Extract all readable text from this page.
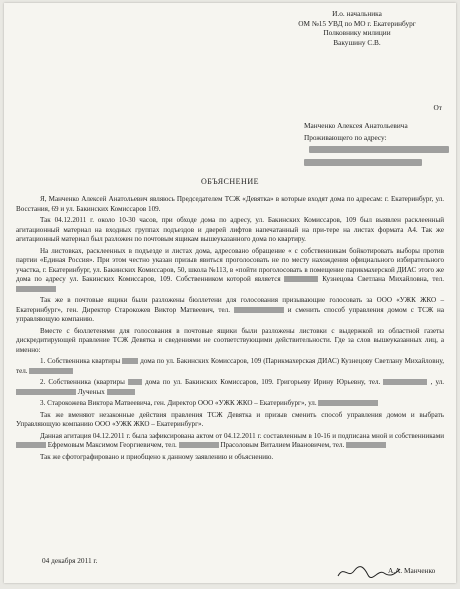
И.о. начальника
ОМ №15 УВД по МО г. Екатеринбург
Полковнику милиции
Вакушину С.В.
От
Манченко Алексея Анатольевича
Проживающего по адресу:
ОБЪЯСНЕНИЕ

Я, Манченко Алексей Анатольевич являюсь Председателем ТСЖ «Девятка» в которые входят дома по адресам: г. Екатеринбург, ул. Восстания, 69 и ул. Бакинских Комиссаров 109.

Так 04.12.2011 г. около 10-30 часов, при обходе дома по адресу, ул. Бакинских Комиссаров, 109 был выявлен расклеенный агитационный материал на входных группах подъездов и дверей лифтов напечатанный на при-тере на листах формата А4. Так же агитационный материал был разложен по почтовым ящикам вышеуказанного дома по квартиру.

На листовках, расклеенных в подъезде и листах дома, адресовано обращение « с собственникам бойкотировать выборы против партии «Единая Россия». При этом честно указан призыв явиться проголосовать не по месту нахождения официального избирательного участка, г. Екатеринбург, ул. Бакинских Комиссаров, 50, школа №113, в «пойти проголосовать в помещение парикмахерской ДИАС этого же дома по адресу ул. Бакинских Комиссаров, 109. Собственником которой является	Кузнецова Светлана Михайловна, тел.

Так же в почтовые ящики были разложены бюллетени для голосования призывающие голосовать за ООО «УЖК ЖКО – Екатеринбург», ген. Директор Старокожев Виктор Матвеевич, тел.	и сменить способ управления домом с ТСЖ на управляющую компанию.

Вместе с бюллетенями для голосования в почтовые ящики были разложены листовки с выдержкой из областной газеты дискредитирующей правление ТСЖ Девятка и сведениями не соответствующими действительности. Где за слов вышеуказанных лиц, а именно:

1. Собственника квартиры	дома по ул. Бакинских Комиссаров, 109 (Парикмахерская ДИАС) Кузнецову Светлану Михайловну, тел.

2. Собственника (квартиры	дома по ул. Бакинских Комиссаров, 109. Григорьеву Ирину Юрьевну, тел.	, ул.  Лученых

3. Старокожева Виктора Матвеевича, ген. Директор ООО «УЖК ЖКО – Екатеринбург», ул.

Так же вменяют незаконные действия правления ТСЖ Девятка и призыв сменить способ управления домом и выбрать Управляющую компанию ООО «УЖК ЖКО – Екатеринбург».

Данная агитация 04.12.2011 г. была зафиксирована актом от 04.12.2011 г. составленным в 10-16 и подписана мной и собственниками  Ефремовым Максимом Георгиевичем, тел.	Прасоловым Виталием Ивановичем, тел.

Так же сфотографировано и приобщено к данному заявлению и объяснению.

04 декабря 2011 г.
А.А. Манченко
